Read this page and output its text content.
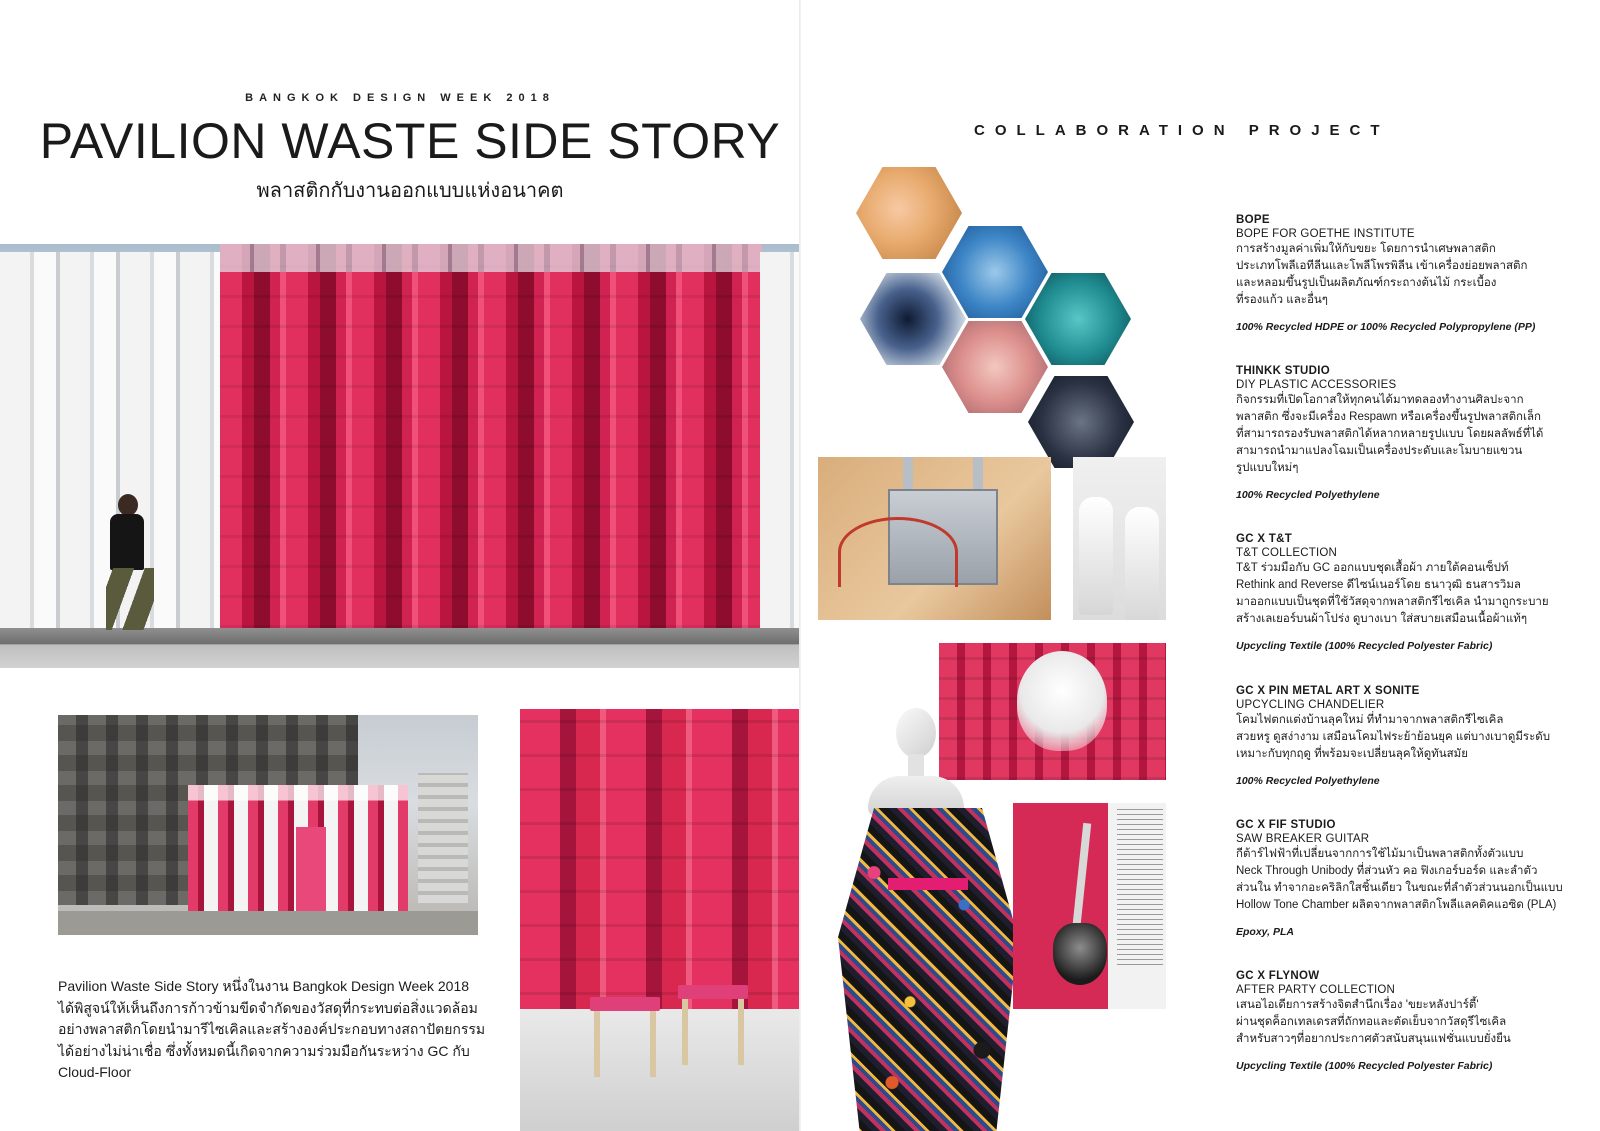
BANGKOK DESIGN WEEK 2018
PAVILION WASTE SIDE STORY
พลาสติกกับงานออกแบบแห่งอนาคต

Pavilion Waste Side Story หนึ่งในงาน Bangkok Design Week 2018

ได้พิสูจน์ให้เห็นถึงการก้าวข้ามขีดจำกัดของวัสดุที่กระทบต่อสิ่งแวดล้อม

อย่างพลาสติกโดยนำมารีไซเคิลและสร้างองค์ประกอบทางสถาปัตยกรรม

ได้อย่างไม่น่าเชื่อ ซึ่งทั้งหมดนี้เกิดจากความร่วมมือกันระหว่าง GC กับ

Cloud-Floor

COLLABORATION PROJECT
BOPE
BOPE FOR GOETHE INSTITUTE
การสร้างมูลค่าเพิ่มให้กับขยะ โดยการนำเศษพลาสติก
ประเภทโพลีเอทีลีนและโพลีโพรพิลีน เข้าเครื่องย่อยพลาสติก
และหลอมขึ้นรูปเป็นผลิตภัณฑ์กระถางต้นไม้ กระเบื้อง
ที่รองแก้ว และอื่นๆ
100% Recycled HDPE or 100% Recycled Polypropylene (PP)
THINKK STUDIO
DIY PLASTIC ACCESSORIES
กิจกรรมที่เปิดโอกาสให้ทุกคนได้มาทดลองทำงานศิลปะจาก
พลาสติก ซึ่งจะมีเครื่อง Respawn หรือเครื่องขึ้นรูปพลาสติกเล็ก
ที่สามารถรองรับพลาสติกได้หลากหลายรูปแบบ โดยผลลัพธ์ที่ได้
สามารถนำมาแปลงโฉมเป็นเครื่องประดับและโมบายแขวน
รูปแบบใหม่ๆ
100% Recycled Polyethylene
GC X T&T
T&T COLLECTION
T&T ร่วมมือกับ GC ออกแบบชุดเสื้อผ้า ภายใต้คอนเซ็ปท์
Rethink and Reverse ดีไซน์เนอร์โดย ธนาวุฒิ ธนสารวิมล
มาออกแบบเป็นชุดที่ใช้วัสดุจากพลาสติกรีไซเคิล นำมาถูกระบาย
สร้างเลเยอร์บนผ้าโปร่ง ดูบางเบา ใส่สบายเสมือนเนื้อผ้าแท้ๆ
Upcycling Textile (100% Recycled Polyester Fabric)
GC X PIN METAL ART X SONITE
UPCYCLING CHANDELIER
โคมไฟตกแต่งบ้านลุคใหม่ ที่ทำมาจากพลาสติกรีไซเคิล
สวยหรู ดูสง่างาม เสมือนโคมไฟระย้าย้อนยุค แต่บางเบาดูมีระดับ
เหมาะกับทุกฤดู ที่พร้อมจะเปลี่ยนลุคให้ดูทันสมัย
100% Recycled Polyethylene
GC X FIF STUDIO
SAW BREAKER GUITAR
กีต้าร์ไฟฟ้าที่เปลี่ยนจากการใช้ไม้มาเป็นพลาสติกทั้งตัวแบบ
Neck Through Unibody ที่ส่วนหัว คอ ฟิงเกอร์บอร์ด และลำตัว
ส่วนใน ทำจากอะคริลิกใสชิ้นเดียว ในขณะที่ลำตัวส่วนนอกเป็นแบบ
Hollow Tone Chamber ผลิตจากพลาสติกโพลีแลคติคแอซิด (PLA)
Epoxy, PLA
GC X FLYNOW
AFTER PARTY COLLECTION
เสนอไอเดียการสร้างจิตสำนึกเรื่อง 'ขยะหลังปาร์ตี้'
ผ่านชุดค็อกเทลเดรสที่ถักทอและตัดเย็บจากวัสดุรีไซเคิล
สำหรับสาวๆที่อยากประกาศตัวสนับสนุนแฟชั่นแบบยั่งยืน
Upcycling Textile (100% Recycled Polyester Fabric)
